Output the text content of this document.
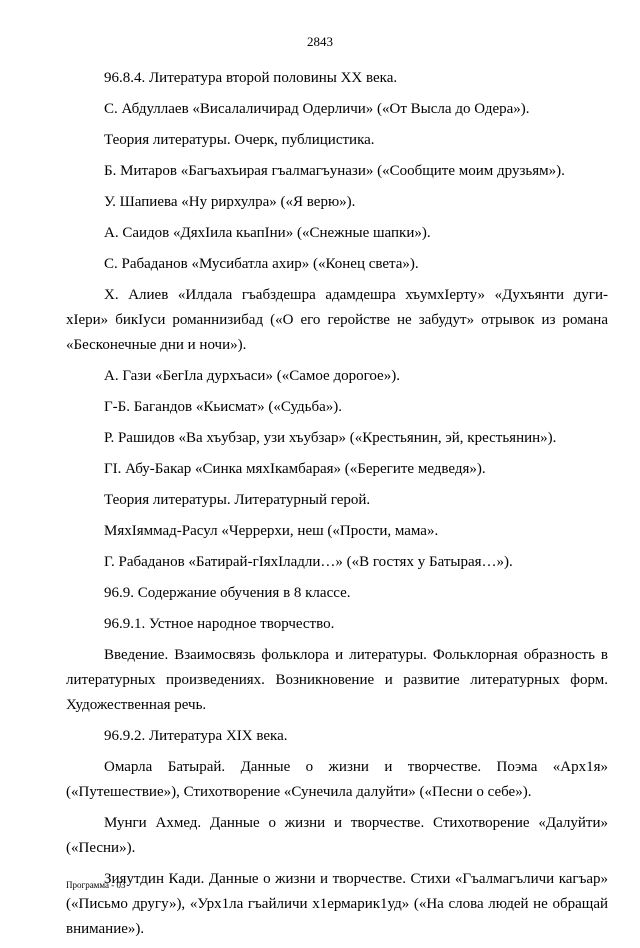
2843

96.8.4. Литература второй половины XX века.

С. Абдуллаев «Висалаличирад Одерличи» («От Высла до Одера»).

Теория литературы. Очерк, публицистика.

Б. Митаров «Багъахъирая гъалмагъунази» («Сообщите моим друзьям»).

У. Шапиева «Ну рирхулра» («Я верю»).

А. Саидов «ДяхIила кьапIни» («Снежные шапки»).

С. Рабаданов «Мусибатла ахир» («Конец света»).

Х. Алиев «Илдала гъабздешра адамдешра хъумхIерту» «Духъянти дуги-хIери» бикIуси романнизибад («О его геройстве не забудут» отрывок из романа «Бесконечные дни и ночи»).

А. Гази «БегIла дурхъаси» («Самое дорогое»).

Г-Б. Багандов «Кьисмат» («Судьба»).

Р. Рашидов «Ва хъубзар, узи хъубзар» («Крестьянин, эй, крестьянин»).

ГI. Абу-Бакар «Синка мяхIкамбарая» («Берегите медведя»).

Теория литературы. Литературный герой.

МяхIяммад-Расул «Черрерхи, неш («Прости, мама».

Г. Рабаданов «Батирай-гIяхIладли…» («В гостях у Батырая…»).

96.9. Содержание обучения в 8 классе.

96.9.1. Устное народное творчество.

Введение. Взаимосвязь фольклора и литературы. Фольклорная образность в литературных произведениях. Возникновение и развитие литературных форм. Художественная речь.

96.9.2. Литература XIX века.

Омарла Батырай. Данные о жизни и творчестве. Поэма «Арх1я» («Путешествие»), Стихотворение «Сунечила далуйти» («Песни о себе»).

Мунги Ахмед. Данные о жизни и творчестве. Стихотворение «Далуйти» («Песни»).

Зияутдин Кади. Данные о жизни и творчестве. Стихи «Гъалмагъличи кагъар» («Письмо другу»), «Урх1ла гъайличи х1ермарик1уд» («На слова людей не обращай внимание»).

Программа - 03
